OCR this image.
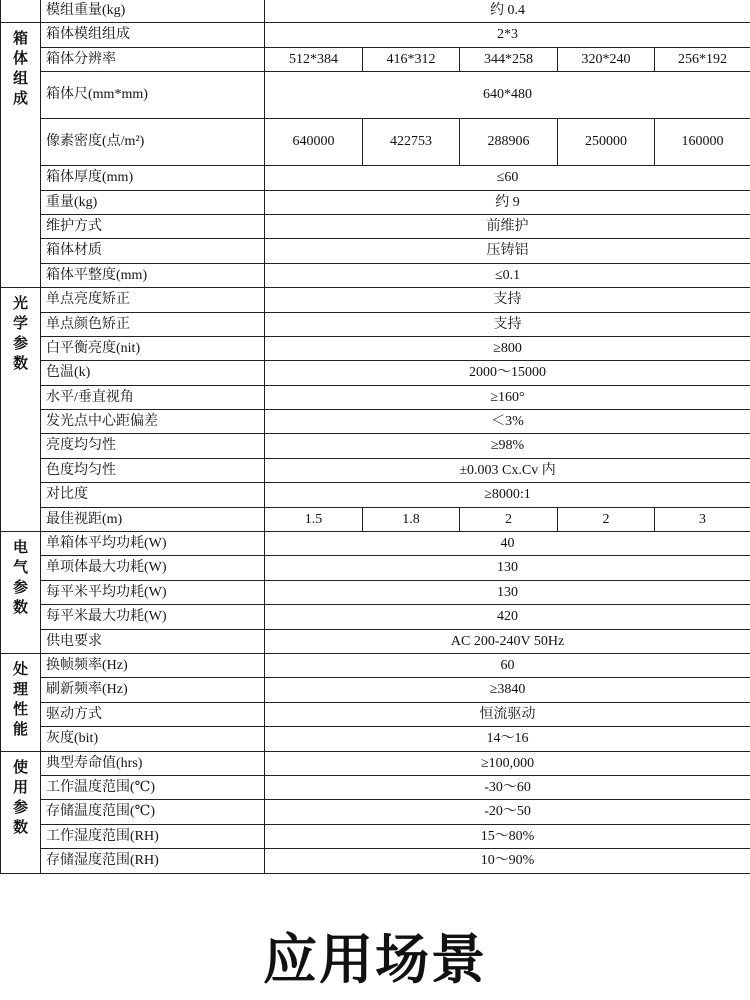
	模组重量(kg)	约 0.4				

箱体组成	箱体模组组成	2*3				
	箱体分辨率	512*384	416*312	344*258	320*240	256*192
	箱体尺(mm*mm)	640*480				
	像素密度(点/m²)	640000	422753	288906	250000	160000
	箱体厚度(mm)	≤60				
	重量(kg)	约 9				
	维护方式	前维护				
	箱体材质	压铸铝				
	箱体平整度(mm)	≤0.1				

光学参数	单点亮度矫正	支持				
	单点颜色矫正	支持				
	白平衡亮度(nit)	≥800				
	色温(k)	2000～15000				
	水平/垂直视角	≥160°				
	发光点中心距偏差	＜3%				
	亮度均匀性	≥98%				
	色度均匀性	±0.003 Cx.Cv 内				
	对比度	≥8000:1				
	最佳视距(m)	1.5	1.8	2	2	3

电气参数	单箱体平均功耗(W)	40				
	单项体最大功耗(W)	130				
	每平米平均功耗(W)	130				
	每平米最大功耗(W)	420				
	供电要求	AC 200-240V 50Hz				

处理性能	换帧频率(Hz)	60				
	刷新频率(Hz)	≥3840				
	驱动方式	恒流驱动				
	灰度(bit)	14～16				

使用参数	典型寿命值(hrs)	≥100,000				
	工作温度范围(℃)	-30～60				
	存储温度范围(℃)	-20～50				
	工作湿度范围(RH)	15～80%				
	存储湿度范围(RH)	10～90%				
应用场景
